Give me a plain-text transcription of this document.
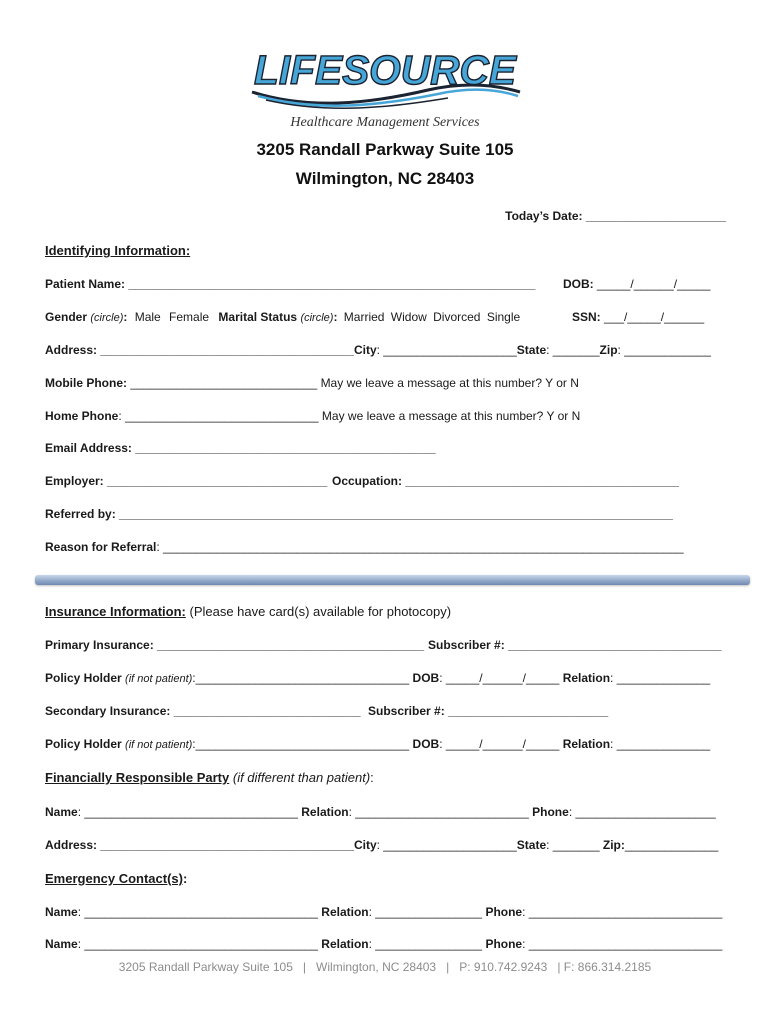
LIFESOURCE
Healthcare Management Services
3205 Randall Parkway Suite 105
Wilmington, NC 28403
Today’s Date: _____________________
Identifying Information:
Patient Name: _____________________________________________________________ DOB: _____/______/_____
Gender (circle): Male Female Marital Status (circle): Married Widow Divorced Single	SSN: ___/_____/______
Address: ______________________________________City: ____________________State: _______Zip: _____________
Mobile Phone: ____________________________ May we leave a message at this number? Y or N
Home Phone: _____________________________ May we leave a message at this number? Y or N
Email Address: _____________________________________________
Employer: _________________________________ Occupation: _________________________________________
Referred by: ___________________________________________________________________________________
Reason for Referral: ______________________________________________________________________________
Insurance Information: (Please have card(s) available for photocopy)
Primary Insurance: ________________________________________ Subscriber #: ________________________________
Policy Holder (if not patient):________________________________ DOB: _____/______/_____ Relation: ______________
Secondary Insurance: ____________________________ Subscriber #: ________________________
Policy Holder (if not patient):________________________________ DOB: _____/______/_____ Relation: ______________
Financially Responsible Party (if different than patient):
Name: ________________________________ Relation: __________________________ Phone: _____________________
Address: ______________________________________City: ____________________State: _______ Zip:______________
Emergency Contact(s):
Name: ___________________________________ Relation: ________________ Phone: _____________________________
Name: ___________________________________ Relation: ________________ Phone: _____________________________
3205 Randall Parkway Suite 105 | Wilmington, NC 28403 | P: 910.742.9243 | F: 866.314.2185
